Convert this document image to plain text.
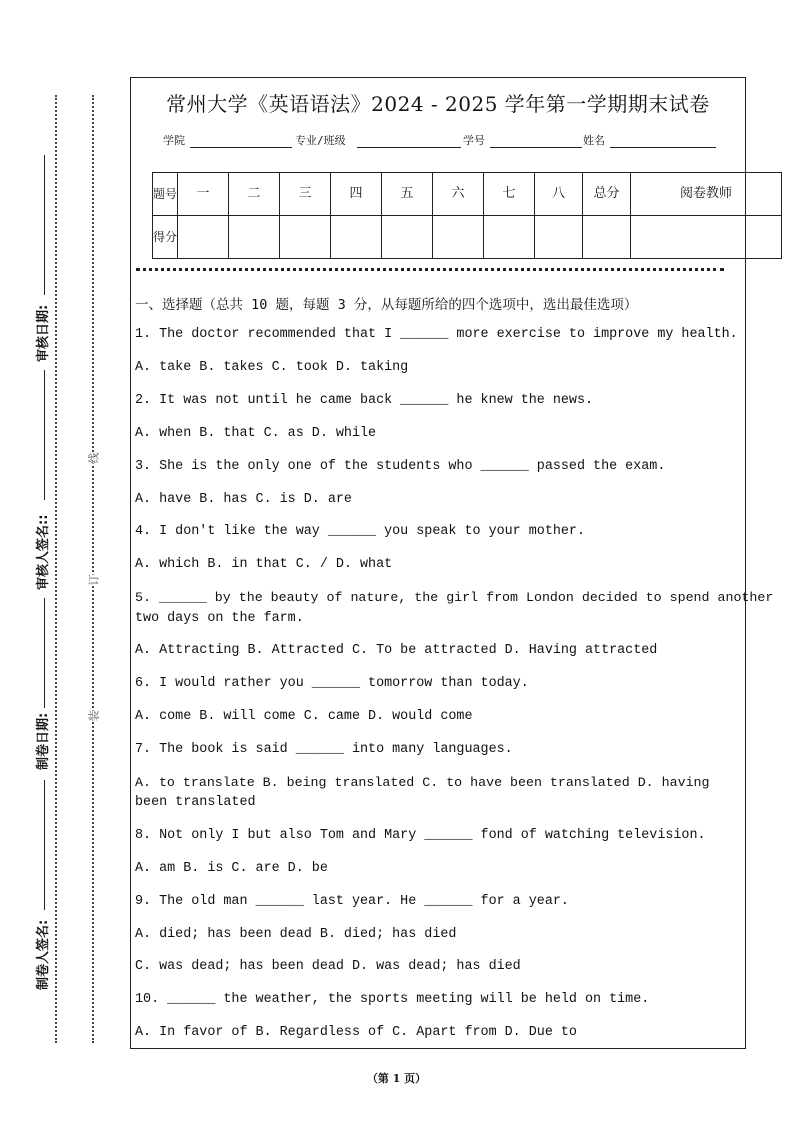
审核日期:
审核人签名::
制卷日期:
制卷人签名:
线
订
装
常州大学《英语语法》2024 - 2025 学年第一学期期末试卷
学院	专业/班级	学号	姓名
题号	一	二	三	四	五	六	七	八	总分	阅卷教师
得分										
一、选择题（总共 10 题，每题 3 分，从每题所给的四个选项中，选出最佳选项）
1. The doctor recommended that I ______ more exercise to improve my health.
A. take B. takes C. took D. taking
2. It was not until he came back ______ he knew the news.
A. when B. that C. as D. while
3. She is the only one of the students who ______ passed the exam.
A. have B. has C. is D. are
4. I don't like the way ______ you speak to your mother.
A. which B. in that C. / D. what
5. ______ by the beauty of nature, the girl from London decided to spend another
two days on the farm.
A. Attracting B. Attracted C. To be attracted D. Having attracted
6. I would rather you ______ tomorrow than today.
A. come B. will come C. came D. would come
7. The book is said ______ into many languages.
A. to translate B. being translated C. to have been translated D. having
been translated
8. Not only I but also Tom and Mary ______ fond of watching television.
A. am B. is C. are D. be
9. The old man ______ last year. He ______ for a year.
A. died; has been dead B. died; has died
C. was dead; has been dead D. was dead; has died
10. ______ the weather, the sports meeting will be held on time.
A. In favor of B. Regardless of C. Apart from D. Due to
（第 1 页）
